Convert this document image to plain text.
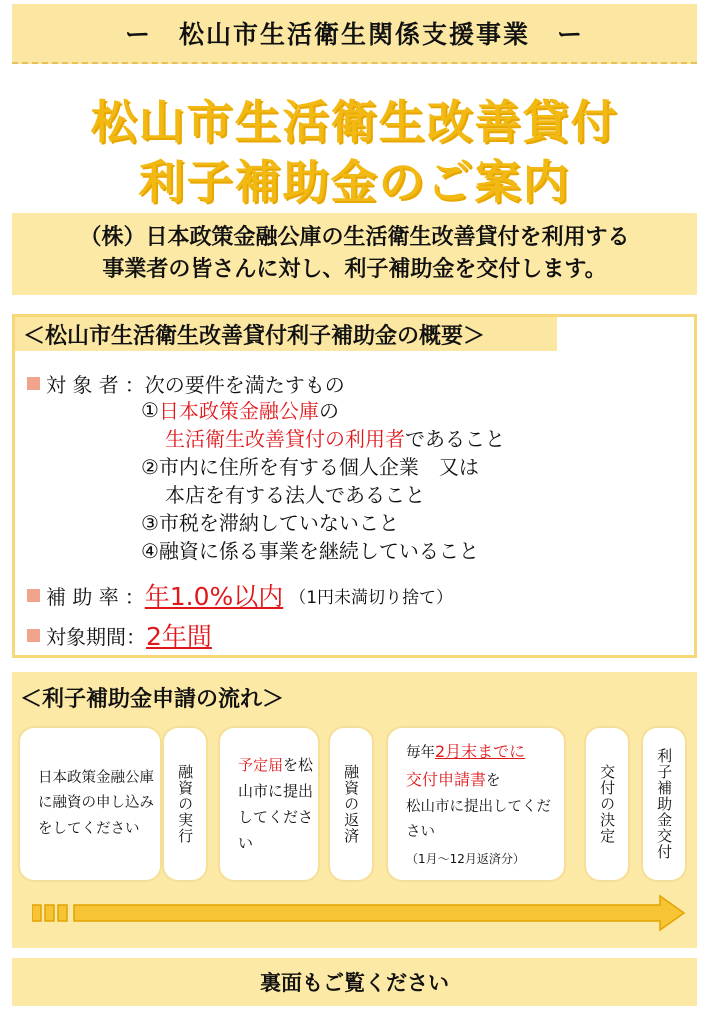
ー　松山市生活衛生関係支援事業　ー
松山市生活衛生改善貸付
利子補助金のご案内
（株）日本政策金融公庫の生活衛生改善貸付を利用する
事業者の皆さんに対し、利子補助金を交付します。
＜松山市生活衛生改善貸付利子補助金の概要＞
対 象 者 ： 次の要件を満たすもの
① 日本政策金融公庫 の
生活衛生改善貸付の利用者 であること
②市内に住所を有する個人企業　又は
本店を有する法人であること
③市税を滞納していないこと
④融資に係る事業を継続していること
補 助 率 ： 年1.0%以内 （1円未満切り捨て）
対象期間 ： 2年間
＜利子補助金申請の流れ＞
日本政策金融公庫に融資の申し込みをしてください	融資の実行	予定届を松山市に提出してください	融資の返済
毎年2月末までに
交付申請書を
松山市に提出してください
（1月〜12月返済分）
交付の決定	利子補助金交付
裏面もご覧ください
